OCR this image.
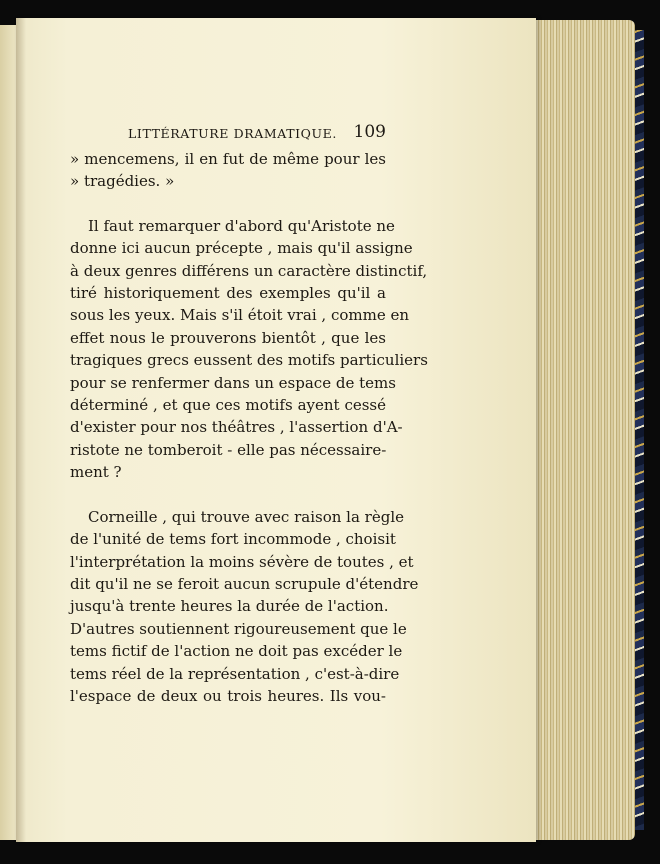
LITTÉRATURE DRAMATIQUE. 109

» mencemens, il en fut de même pour les
» tragédies. »

Il faut remarquer d'abord qu'Aristote ne
donne ici aucun précepte , mais qu'il assigne
à deux genres différens un caractère distinctif,
tiré historiquement des exemples qu'il a
sous les yeux. Mais s'il étoit vrai , comme en
effet nous le prouverons bientôt , que les
tragiques grecs eussent des motifs particuliers
pour se renfermer dans un espace de tems
déterminé , et que ces motifs ayent cessé
d'exister pour nos théâtres , l'assertion d'A-
ristote ne tomberoit - elle pas nécessaire-
ment ?

Corneille , qui trouve avec raison la règle
de l'unité de tems fort incommode , choisit
l'interprétation la moins sévère de toutes , et
dit qu'il ne se feroit aucun scrupule d'étendre
jusqu'à trente heures la durée de l'action.
D'autres soutiennent rigoureusement que le
tems fictif de l'action ne doit pas excéder le
tems réel de la représentation , c'est-à-dire
l'espace de deux ou trois heures. Ils vou-
